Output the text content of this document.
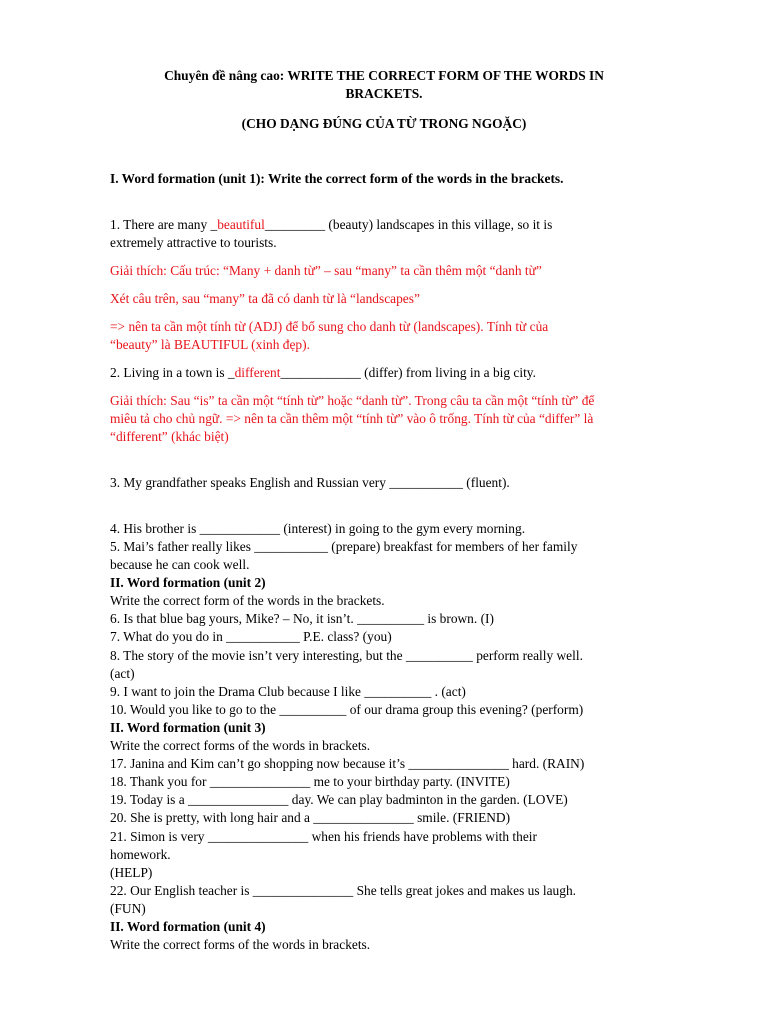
Chuyên đề nâng cao: WRITE THE CORRECT FORM OF THE WORDS IN
BRACKETS.
(CHO DẠNG ĐÚNG CỦA TỪ TRONG NGOẶC)
I. Word formation (unit 1): Write the correct form of the words in the brackets.
1. There are many _beautiful_________ (beauty) landscapes in this village, so it is
extremely attractive to tourists.
Giải thích: Cấu trúc: “Many + danh từ” – sau “many” ta cần thêm một “danh từ”
Xét câu trên, sau “many” ta đã có danh từ là “landscapes”
=> nên ta cần một tính từ (ADJ) để bổ sung cho danh từ (landscapes). Tính từ của
“beauty” là BEAUTIFUL (xinh đẹp).
2. Living in a town is _different____________ (differ) from living in a big city.
Giải thích: Sau “is” ta cần một “tính từ” hoặc “danh từ”. Trong câu ta cần một “tính từ” để
miêu tả cho chủ ngữ. => nên ta cần thêm một “tính từ” vào ô trống. Tính từ của “differ” là
“different” (khác biệt)
3. My grandfather speaks English and Russian very ___________ (fluent).
4. His brother is ____________ (interest) in going to the gym every morning.
5. Mai’s father really likes ___________ (prepare) breakfast for members of her family
because he can cook well.
II. Word formation (unit 2)
Write the correct form of the words in the brackets.
6. Is that blue bag yours, Mike? – No, it isn’t. __________ is brown. (I)
7. What do you do in ___________ P.E. class? (you)
8. The story of the movie isn’t very interesting, but the __________ perform really well.
(act)
9. I want to join the Drama Club because I like __________ . (act)
10. Would you like to go to the __________ of our drama group this evening? (perform)
II. Word formation (unit 3)
Write the correct forms of the words in brackets.
17. Janina and Kim can’t go shopping now because it’s _______________ hard. (RAIN)
18. Thank you for _______________ me to your birthday party. (INVITE)
19. Today is a _______________ day. We can play badminton in the garden. (LOVE)
20. She is pretty, with long hair and a _______________ smile. (FRIEND)
21. Simon is very _______________ when his friends have problems with their
homework.
(HELP)
22. Our English teacher is _______________ She tells great jokes and makes us laugh.
(FUN)
II. Word formation (unit 4)
Write the correct forms of the words in brackets.
